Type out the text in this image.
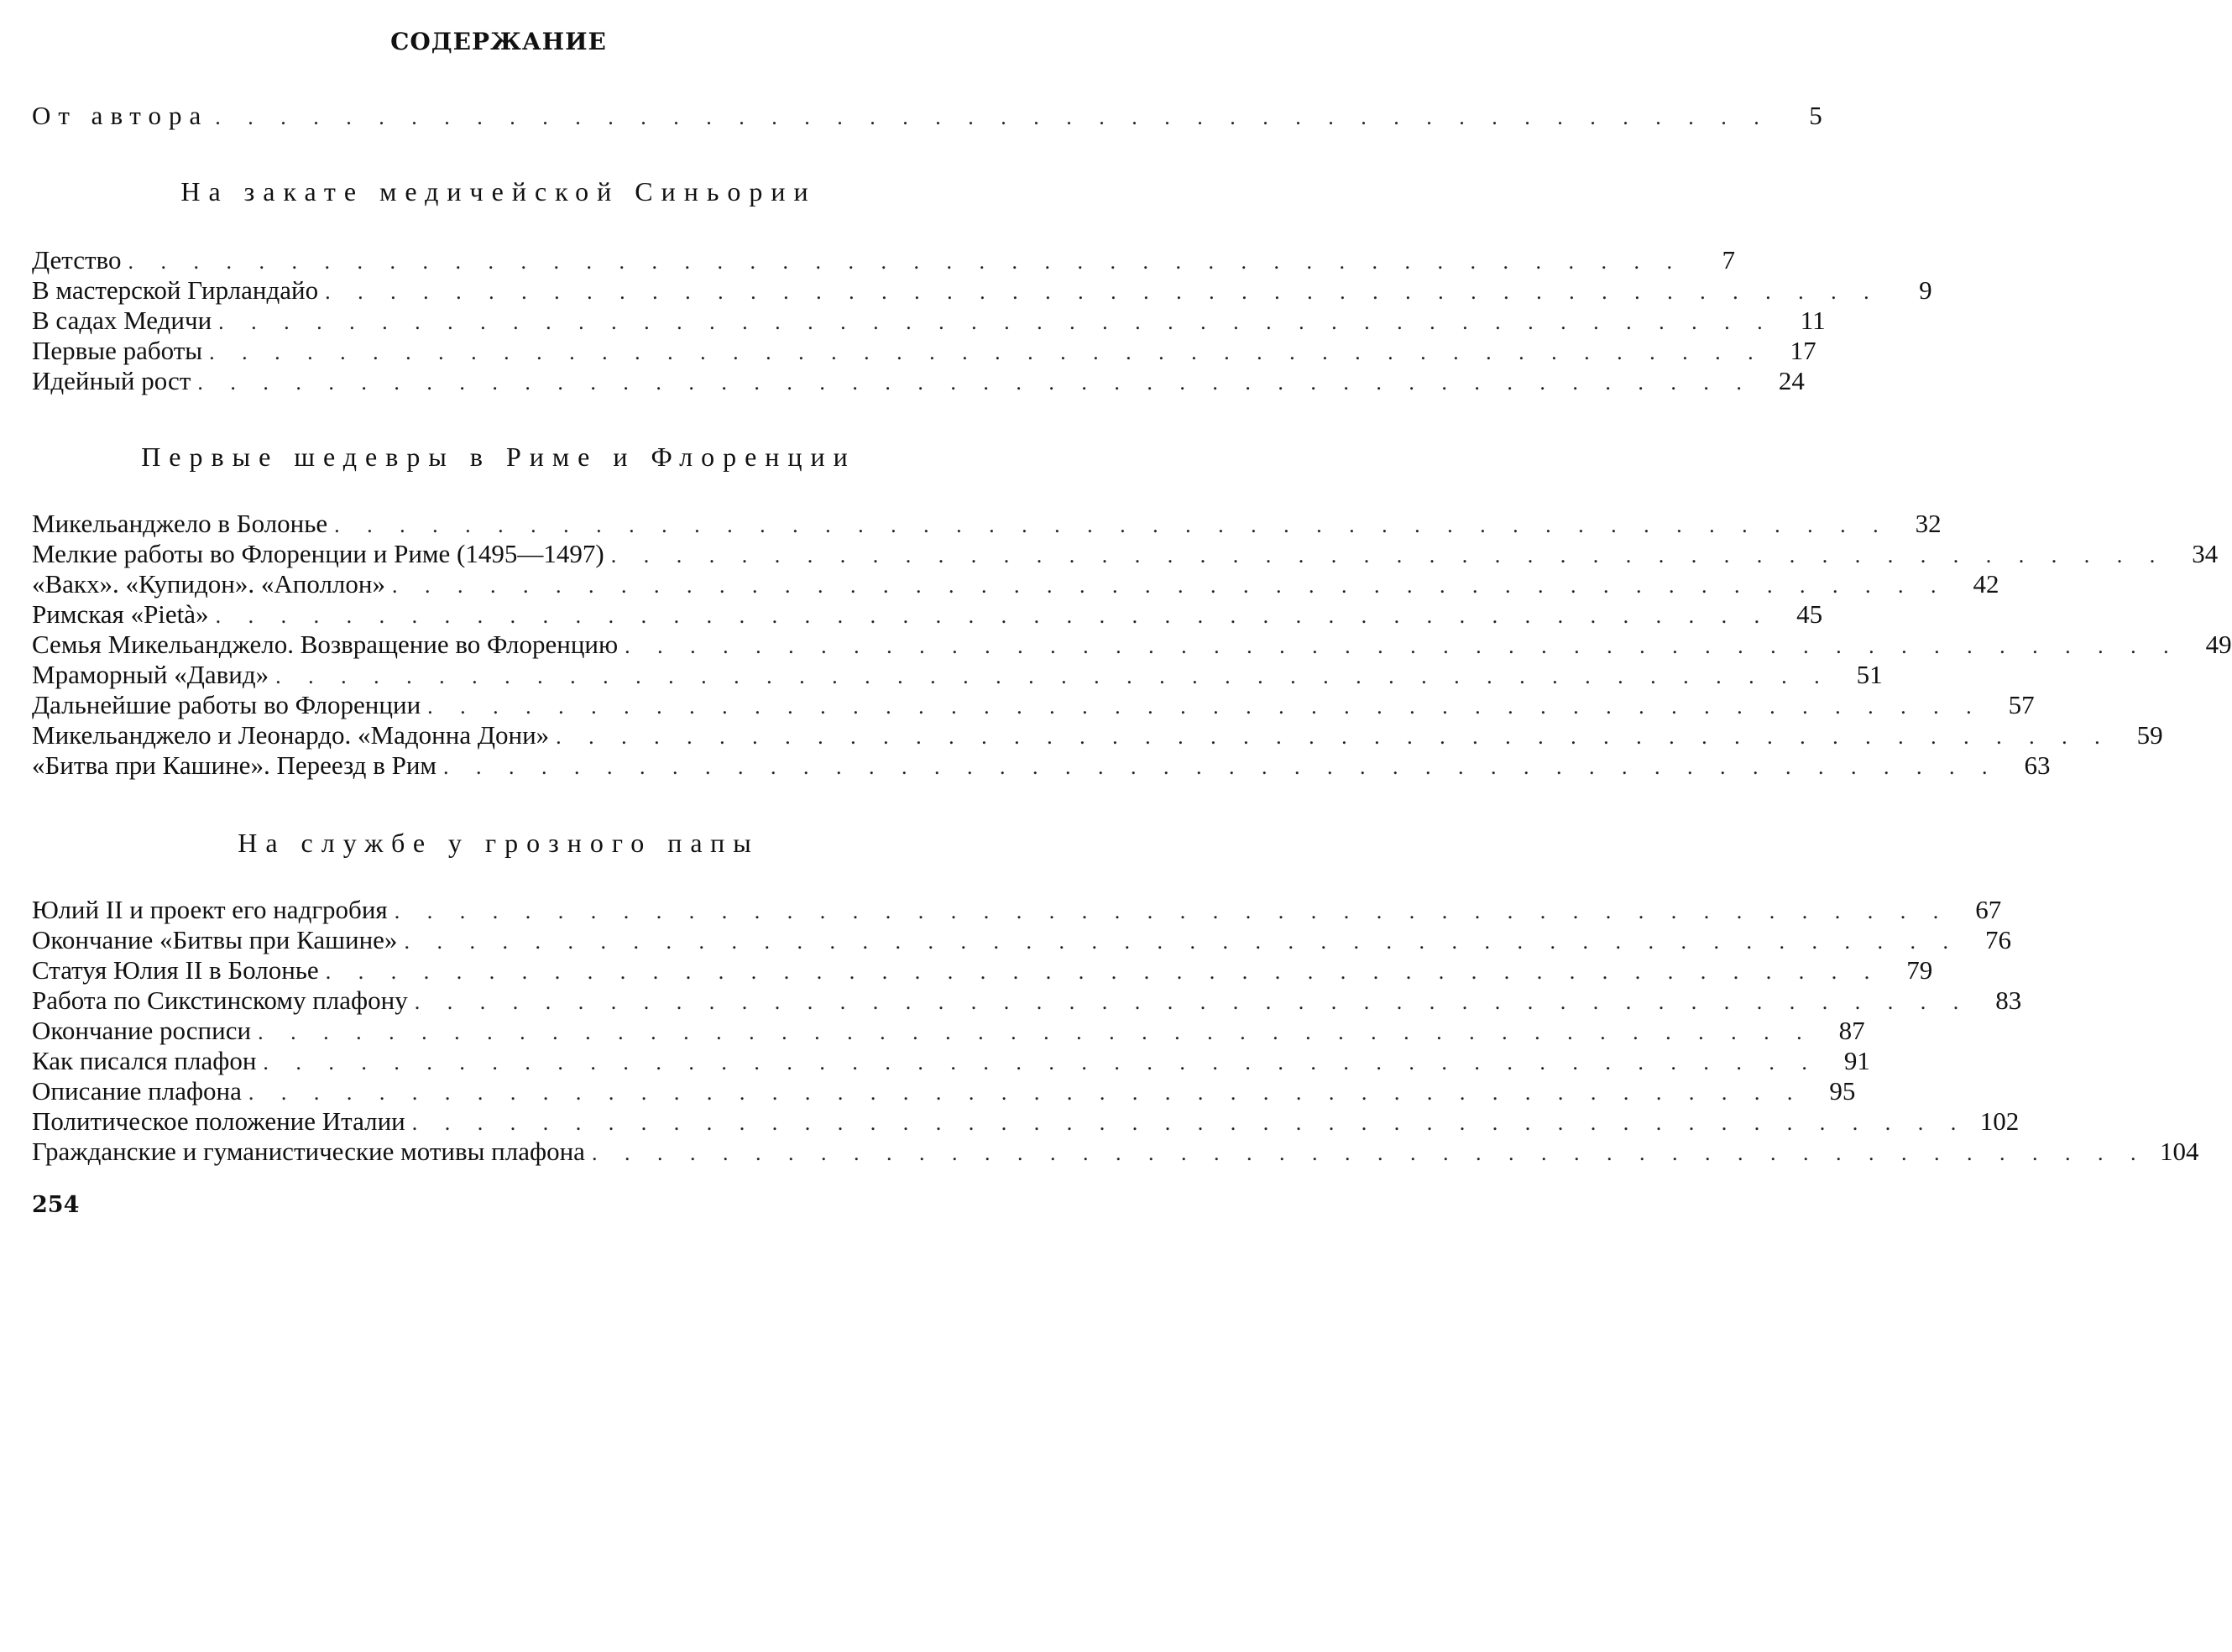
СОДЕРЖАНИЕ
От автора . . . . . . . . . . . . . . . . . . . . . . . . . . . . . . . . . . . . . . . . . . . . . . . .	5
На закате медичейской Синьории
Детство . . . . . . . . . . . . . . . . . . . . . . . . . . . . . . . . . . . . . . . . . . . . . . . .	7
В мастерской Гирландайо . . . . . . . . . . . . . . . . . . . . . . . . . . . . . . . . . . . . . . . . . . . . . . . .	9
В садах Медичи . . . . . . . . . . . . . . . . . . . . . . . . . . . . . . . . . . . . . . . . . . . . . . . .	11
Первые работы . . . . . . . . . . . . . . . . . . . . . . . . . . . . . . . . . . . . . . . . . . . . . . . .	17
Идейный рост . . . . . . . . . . . . . . . . . . . . . . . . . . . . . . . . . . . . . . . . . . . . . . . .	24
Первые шедевры в Риме и Флоренции
Микельанджело в Болонье . . . . . . . . . . . . . . . . . . . . . . . . . . . . . . . . . . . . . . . . . . . . . . . .	32
Мелкие работы во Флоренции и Риме (1495—1497) . . . . . . . . . . . . . . . . . . . . . . . . . . . . . . . . . . . . . . . . . . . . . . . .	34
«Вакх». «Купидон». «Аполлон» . . . . . . . . . . . . . . . . . . . . . . . . . . . . . . . . . . . . . . . . . . . . . . . .	42
Римская «Pietà» . . . . . . . . . . . . . . . . . . . . . . . . . . . . . . . . . . . . . . . . . . . . . . . .	45
Семья Микельанджело. Возвращение во Флоренцию . . . . . . . . . . . . . . . . . . . . . . . . . . . . . . . . . . . . . . . . . . . . . . . .	49
Мраморный «Давид» . . . . . . . . . . . . . . . . . . . . . . . . . . . . . . . . . . . . . . . . . . . . . . . .	51
Дальнейшие работы во Флоренции . . . . . . . . . . . . . . . . . . . . . . . . . . . . . . . . . . . . . . . . . . . . . . . .	57
Микельанджело и Леонардо. «Мадонна Дони» . . . . . . . . . . . . . . . . . . . . . . . . . . . . . . . . . . . . . . . . . . . . . . . .	59
«Битва при Кашине». Переезд в Рим . . . . . . . . . . . . . . . . . . . . . . . . . . . . . . . . . . . . . . . . . . . . . . . .	63
На службе у грозного папы
Юлий II и проект его надгробия . . . . . . . . . . . . . . . . . . . . . . . . . . . . . . . . . . . . . . . . . . . . . . . .	67
Окончание «Битвы при Кашине» . . . . . . . . . . . . . . . . . . . . . . . . . . . . . . . . . . . . . . . . . . . . . . . .	76
Статуя Юлия II в Болонье . . . . . . . . . . . . . . . . . . . . . . . . . . . . . . . . . . . . . . . . . . . . . . . .	79
Работа по Сикстинскому плафону . . . . . . . . . . . . . . . . . . . . . . . . . . . . . . . . . . . . . . . . . . . . . . . .	83
Окончание росписи . . . . . . . . . . . . . . . . . . . . . . . . . . . . . . . . . . . . . . . . . . . . . . . .	87
Как писался плафон . . . . . . . . . . . . . . . . . . . . . . . . . . . . . . . . . . . . . . . . . . . . . . . .	91
Описание плафона . . . . . . . . . . . . . . . . . . . . . . . . . . . . . . . . . . . . . . . . . . . . . . . .	95
Политическое положение Италии . . . . . . . . . . . . . . . . . . . . . . . . . . . . . . . . . . . . . . . . . . . . . . . . 102
Гражданские и гуманистические мотивы плафона . . . . . . . . . . . . . . . . . . . . . . . . . . . . . . . . . . . . . . . . . . . . . . . . 104
254
